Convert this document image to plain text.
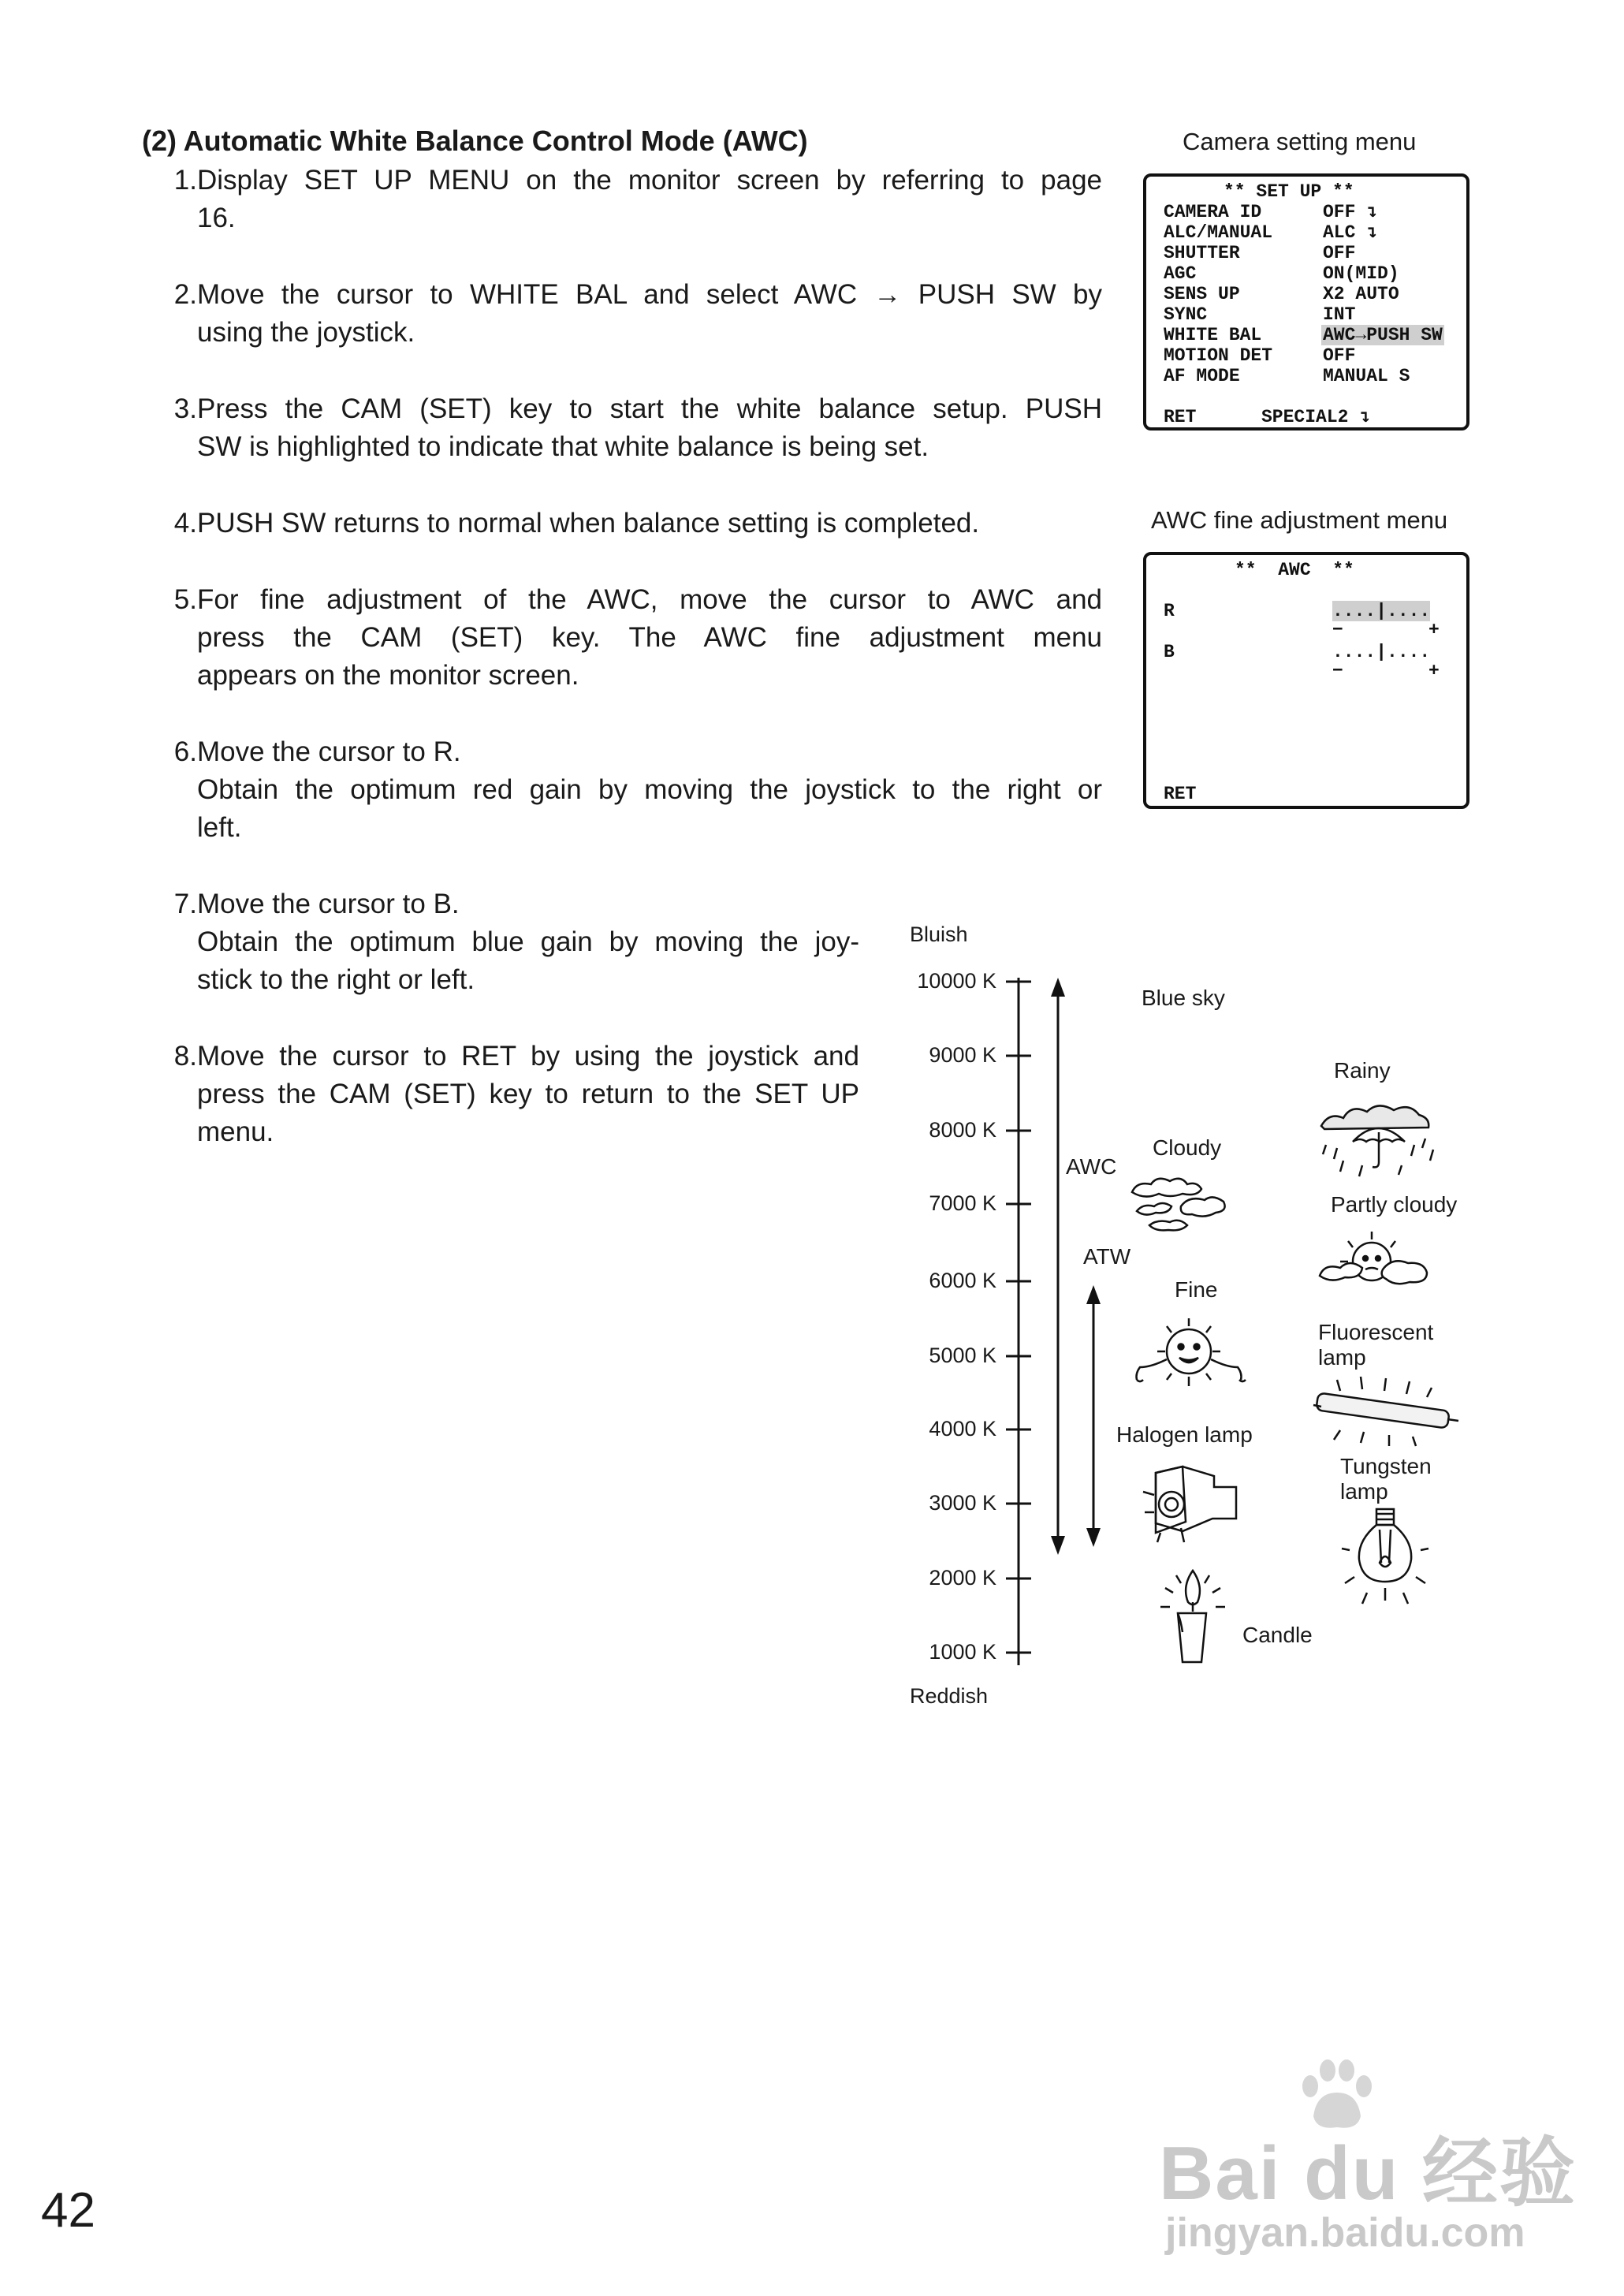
(2) Automatic White Balance Control Mode (AWC)
1. Display SET UP MENU on the monitor screen by referring to page
16.
2. Move the cursor to WHITE BAL and select AWC → PUSH SW by
using the joystick.
3. Press the CAM (SET) key to start the white balance setup. PUSH
SW is highlighted to indicate that white balance is being set.
4. PUSH SW returns to normal when balance setting is completed.
5. For fine adjustment of the AWC, move the cursor to AWC and
press the CAM (SET) key. The AWC fine adjustment menu
appears on the monitor screen.
6. Move the cursor to R.
Obtain the optimum red gain by moving the joystick to the right or
left.
7. Move the cursor to B.
Obtain the optimum blue gain by moving the joy-
stick to the right or left.
8. Move the cursor to RET by using the joystick and
press the CAM (SET) key to return to the SET UP
menu.
Camera setting menu
** SET UP **
CAMERA ID	OFF ↴
ALC/MANUAL	ALC ↴
SHUTTER	OFF
AGC	ON(MID)
SENS UP	X2 AUTO
SYNC	INT
WHITE BAL	AWC→PUSH SW
MOTION DET	OFF
AF MODE	MANUAL S
RET	SPECIAL2 ↴
AWC fine adjustment menu
**  AWC  **
R	....|....
−	+
B	....|....
−	+
RET
Bluish
Reddish
10000 K
9000 K
8000 K
7000 K
6000 K
5000 K
4000 K
3000 K
2000 K
1000 K
AWC
ATW
Blue sky
Rainy
Cloudy
Partly cloudy
Fine
Fluorescent
lamp
Halogen lamp
Tungsten
lamp
Candle
42	Bai du 经验
jingyan.baidu.com
